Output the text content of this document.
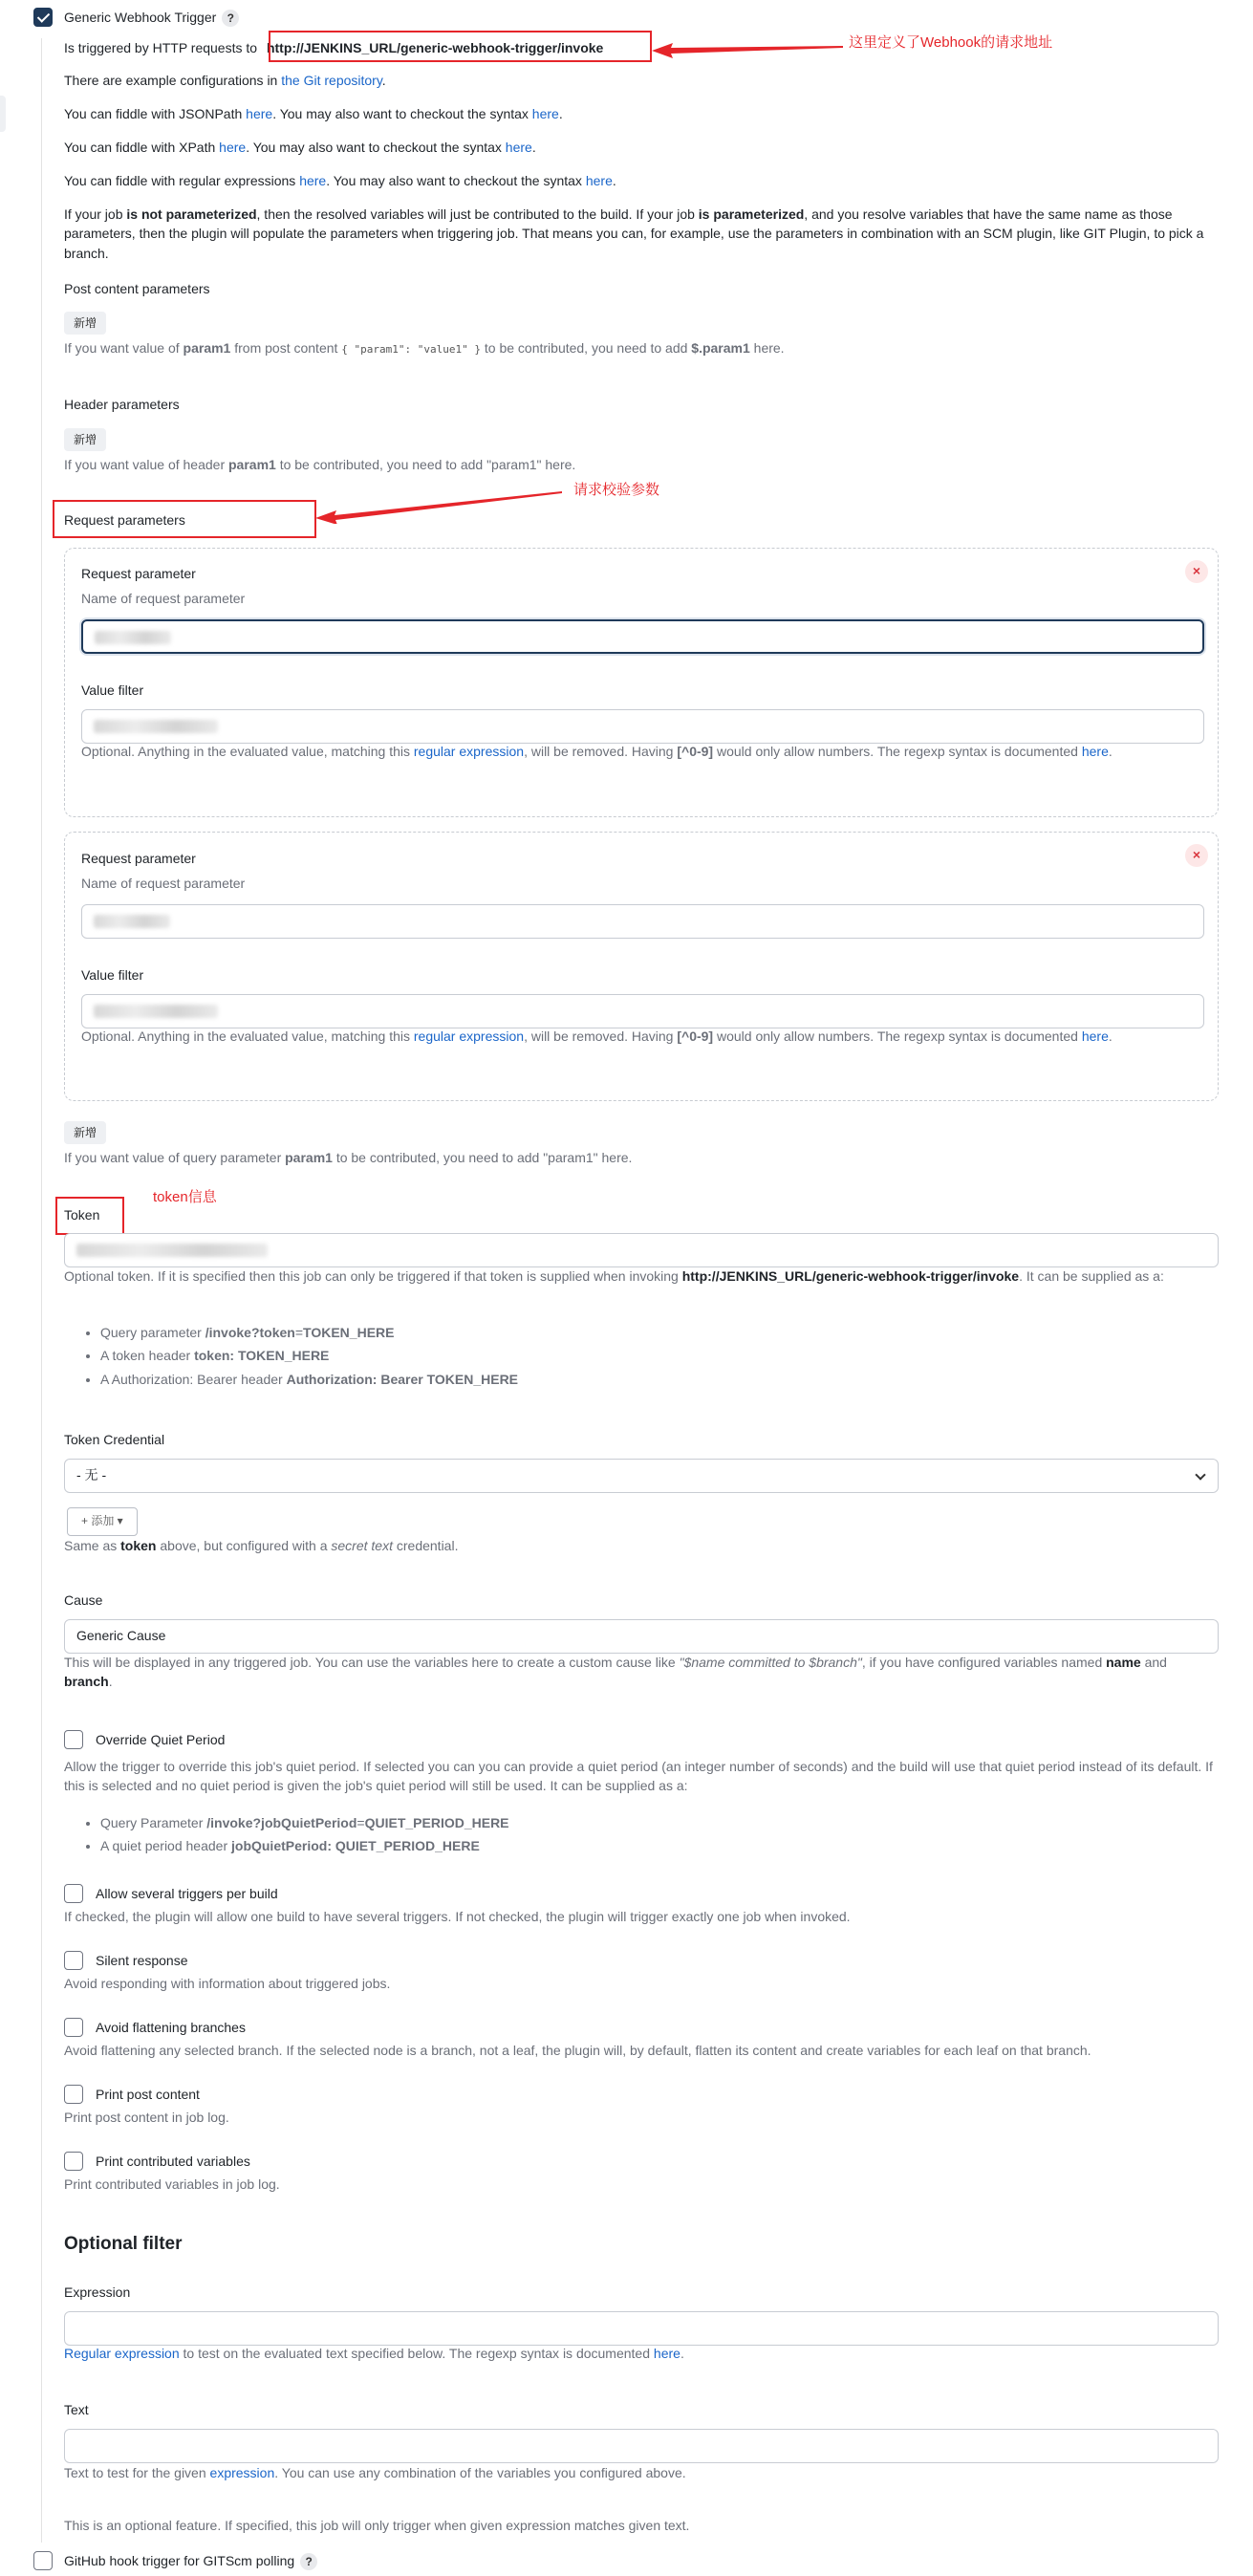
Generic Webhook Trigger ?
Is triggered by HTTP requests to http://JENKINS_URL/generic-webhook-trigger/invoke	这里定义了Webhook的请求地址
There are example configurations in the Git repository.
You can fiddle with JSONPath here. You may also want to checkout the syntax here.
You can fiddle with XPath here. You may also want to checkout the syntax here.
You can fiddle with regular expressions here. You may also want to checkout the syntax here.
If your job is not parameterized, then the resolved variables will just be contributed to the build. If your job is parameterized, and you resolve variables that have the same name as those parameters, then the plugin will populate the parameters when triggering job. That means you can, for example, use the parameters in combination with an SCM plugin, like GIT Plugin, to pick a branch.
Post content parameters
新增
If you want value of param1 from post content { "param1": "value1" } to be contributed, you need to add $.param1 here.
Header parameters
新增
If you want value of header param1 to be contributed, you need to add "param1" here.
Request parameters
请求校验参数
×
Request parameter
Name of request parameter
Value filter
Optional. Anything in the evaluated value, matching this regular expression, will be removed. Having [^0-9] would only allow numbers. The regexp syntax is documented here.
×
Request parameter
Name of request parameter
Value filter
Optional. Anything in the evaluated value, matching this regular expression, will be removed. Having [^0-9] would only allow numbers. The regexp syntax is documented here.
新增
If you want value of query parameter param1 to be contributed, you need to add "param1" here.
Token
token信息
Optional token. If it is specified then this job can only be triggered if that token is supplied when invoking http://JENKINS_URL/generic-webhook-trigger/invoke. It can be supplied as a:
• Query parameter /invoke?token=TOKEN_HERE
• A token header token: TOKEN_HERE
• A Authorization: Bearer header Authorization: Bearer TOKEN_HERE
Token Credential
- 无 -
+ 添加 ▾
Same as token above, but configured with a secret text credential.
Cause
Generic Cause
This will be displayed in any triggered job. You can use the variables here to create a custom cause like "$name committed to $branch", if you have configured variables named name and branch.
Override Quiet Period
Allow the trigger to override this job's quiet period. If selected you can you can provide a quiet period (an integer number of seconds) and the build will use that quiet period instead of its default. If this is selected and no quiet period is given the job's quiet period will still be used. It can be supplied as a:
• Query Parameter /invoke?jobQuietPeriod=QUIET_PERIOD_HERE
• A quiet period header jobQuietPeriod: QUIET_PERIOD_HERE
Allow several triggers per build
If checked, the plugin will allow one build to have several triggers. If not checked, the plugin will trigger exactly one job when invoked.
Silent response
Avoid responding with information about triggered jobs.
Avoid flattening branches
Avoid flattening any selected branch. If the selected node is a branch, not a leaf, the plugin will, by default, flatten its content and create variables for each leaf on that branch.
Print post content
Print post content in job log.
Print contributed variables
Print contributed variables in job log.
Optional filter
Expression
Regular expression to test on the evaluated text specified below. The regexp syntax is documented here.
Text
Text to test for the given expression. You can use any combination of the variables you configured above.
This is an optional feature. If specified, this job will only trigger when given expression matches given text.
GitHub hook trigger for GITScm polling ?
